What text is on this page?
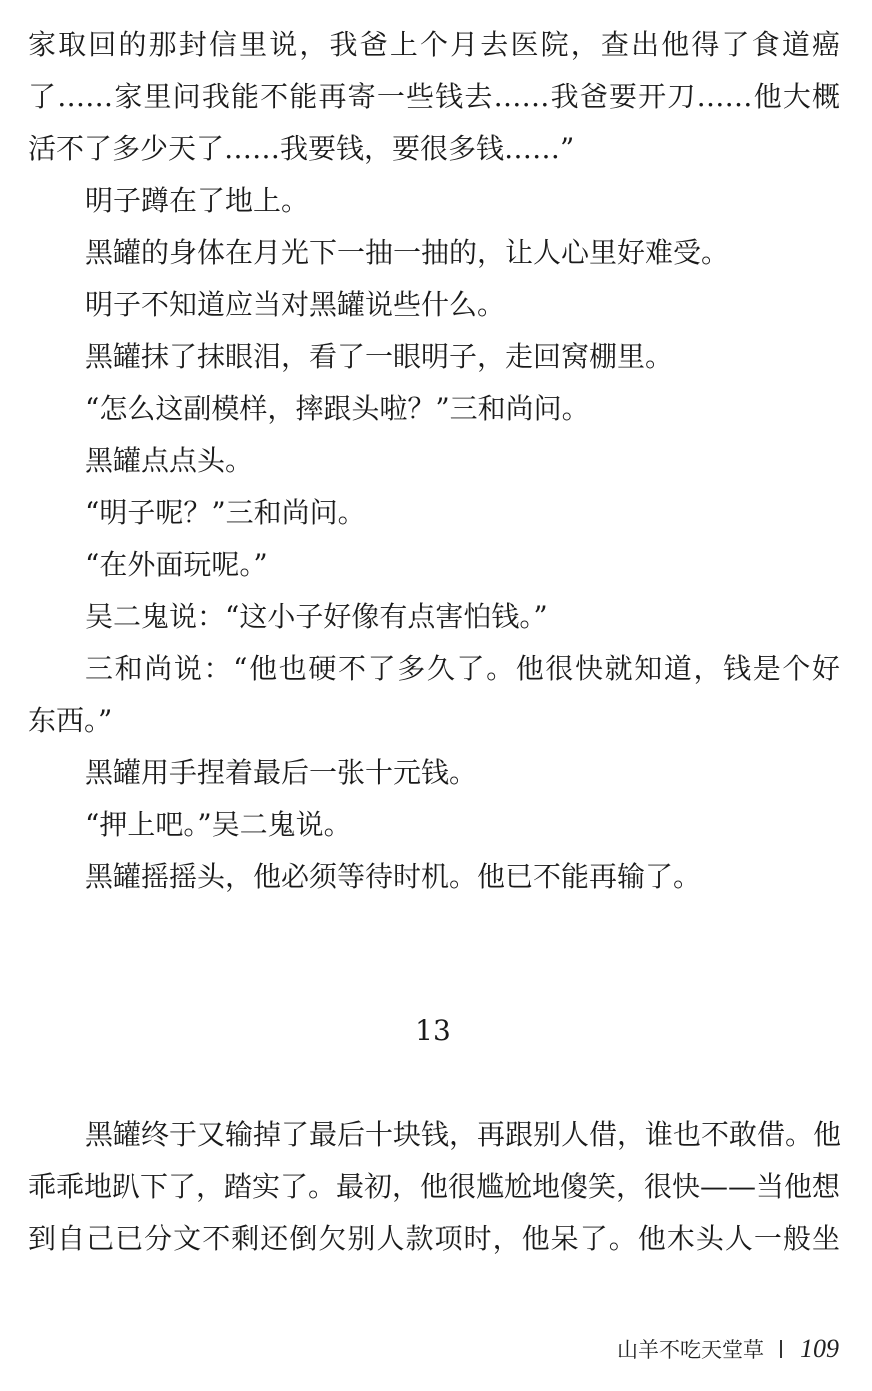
家取回的那封信里说，我爸上个月去医院，查出他得了食道癌
了……家里问我能不能再寄一些钱去……我爸要开刀……他大概
活不了多少天了……我要钱，要很多钱……”
明子蹲在了地上。
黑罐的身体在月光下一抽一抽的，让人心里好难受。
明子不知道应当对黑罐说些什么。
黑罐抹了抹眼泪，看了一眼明子，走回窝棚里。
“怎么这副模样，摔跟头啦？”三和尚问。
黑罐点点头。
“明子呢？”三和尚问。
“在外面玩呢。”
吴二鬼说：“这小子好像有点害怕钱。”
三和尚说：“他也硬不了多久了。他很快就知道，钱是个好
东西。”
黑罐用手捏着最后一张十元钱。
“押上吧。”吴二鬼说。
黑罐摇摇头，他必须等待时机。他已不能再输了。
13
黑罐终于又输掉了最后十块钱，再跟别人借，谁也不敢借。他
乖乖地趴下了，踏实了。最初，他很尴尬地傻笑，很快——当他想
到自己已分文不剩还倒欠别人款项时，他呆了。他木头人一般坐
山羊不吃天堂草 109
